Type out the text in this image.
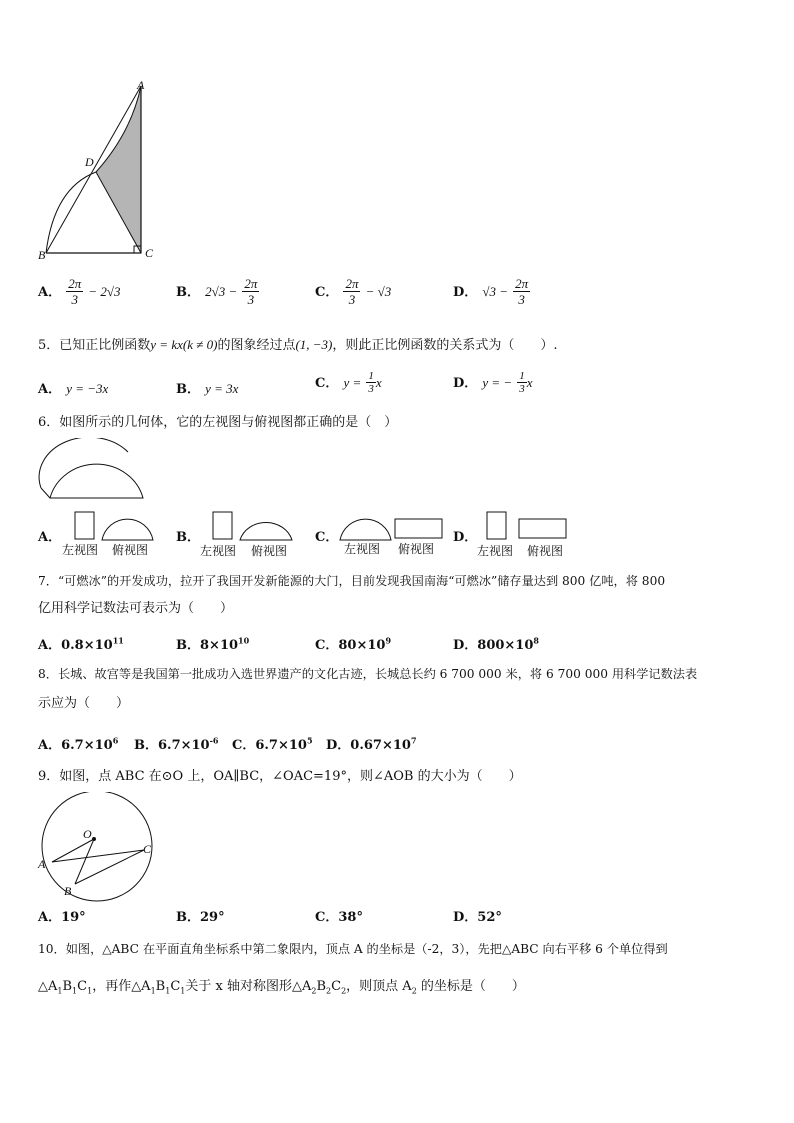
A
D
B	C
A． $\frac{2\pi}{3} - 2√3$	B． $2√3 - \frac{2\pi}{3}$	C． $\frac{2\pi}{3} - √3$	D． $√3 - \frac{2\pi}{3}$
5．已知正比例函数y = kx(k ≠ 0)的图象经过点(1, −3)，则此正比例函数的关系式为（　　）.
A． y = −3x	B． y = 3x	C． $y = \frac{1}{3}$ x	D． y = − $\frac{1}{3}$ x
6．如图所示的几何体，它的左视图与俯视图都正确的是（　）
A．
左视图 俯视图
B．
左视图 俯视图
C．
左视图 俯视图
D．
左视图 俯视图
7．“可燃冰”的开发成功，拉开了我国开发新能源的大门，目前发现我国南海“可燃冰”储存量达到 800 亿吨，将 800
亿用科学记数法可表示为（　　）
A．$0.8\times 10^{11}$	B．$8\times 10^{10}$	C．$80\times 10^9$	D．$800\times 10^8$
8．长城、故宫等是我国第一批成功入选世界遗产的文化古迹，长城总长约 6 700 000 米，将 6 700 000 用科学记数法表
示应为（　　）
A．$6.7\times 10^6$ B．$6.7\times 10^{-6}$ C．$6.7\times 10^5$ D．$0.67\times 10^7$
9．如图，点 ABC 在⊙O 上，OA∥BC，∠OAC=19°，则∠AOB 的大小为（　　）
O
A
B
C
A．19°	B．29°	C．38°	D．52°
10．如图，△ABC 在平面直角坐标系中第二象限内，顶点 A 的坐标是（-2，3），先把△ABC 向右平移 6 个单位得到
$\triangle A_1B_1C_1$，再作$\triangle A_1B_1C_1$关于 x 轴对称图形$\triangle A_2B_2C_2$，则顶点 $A_2$ 的坐标是（　　）
